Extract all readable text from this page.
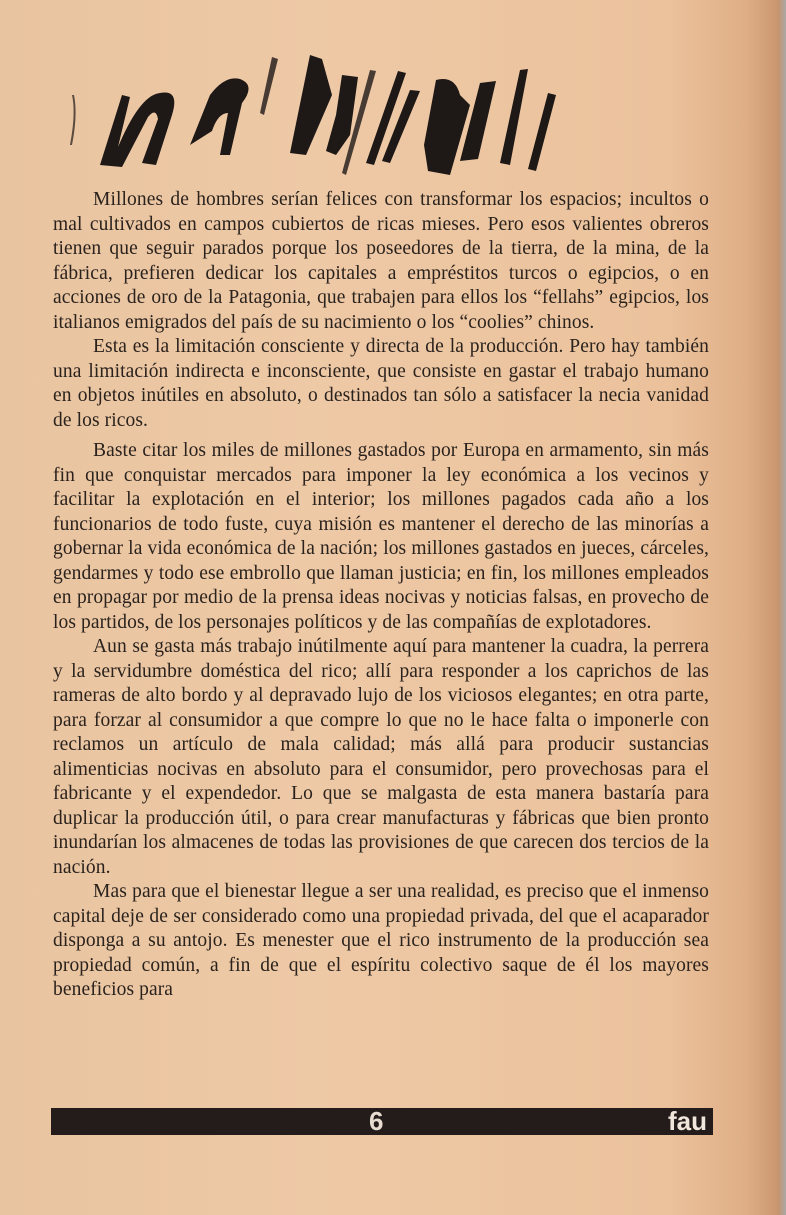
Millones de hombres serían felices con transformar los espacios; incultos o mal cultivados en campos cubiertos de ricas mieses. Pero esos valientes obreros tienen que seguir parados porque los poseedores de la tierra, de la mina, de la fábrica, prefieren dedicar los capitales a empréstitos turcos o egipcios, o en acciones de oro de la Patagonia, que trabajen para ellos los “fellahs” egipcios, los italianos emigrados del país de su nacimiento o los “coolies” chinos.

Esta es la limitación consciente y directa de la producción. Pero hay también una limitación indirecta e inconsciente, que consiste en gastar el trabajo humano en objetos inútiles en absoluto, o destinados tan sólo a satisfacer la necia vanidad de los ricos.

Baste citar los miles de millones gastados por Europa en armamento, sin más fin que conquistar mercados para imponer la ley económica a los vecinos y facilitar la explotación en el interior; los millones pagados cada año a los funcionarios de todo fuste, cuya misión es mantener el derecho de las minorías a gobernar la vida económica de la nación; los millones gastados en jueces, cárceles, gendarmes y todo ese embrollo que llaman justicia; en fin, los millones empleados en propagar por medio de la prensa ideas nocivas y noticias falsas, en provecho de los partidos, de los personajes políticos y de las compañías de explotadores.

Aun se gasta más trabajo inútilmente aquí para mantener la cuadra, la perrera y la servidumbre doméstica del rico; allí para responder a los caprichos de las rameras de alto bordo y al depravado lujo de los viciosos elegantes; en otra parte, para forzar al consumidor a que compre lo que no le hace falta o imponerle con reclamos un artículo de mala calidad; más allá para producir sustancias alimenticias nocivas en absoluto para el consumidor, pero provechosas para el fabricante y el expendedor. Lo que se malgasta de esta manera bastaría para duplicar la producción útil, o para crear manufacturas y fábricas que bien pronto inundarían los almacenes de todas las provisiones de que carecen dos tercios de la nación.

Mas para que el bienestar llegue a ser una realidad, es preciso que el inmenso capital deje de ser considerado como una propiedad privada, del que el acaparador disponga a su antojo. Es menester que el rico instrumento de la producción sea propiedad común, a fin de que el espíritu colectivo saque de él los mayores beneficios para

6	fau
